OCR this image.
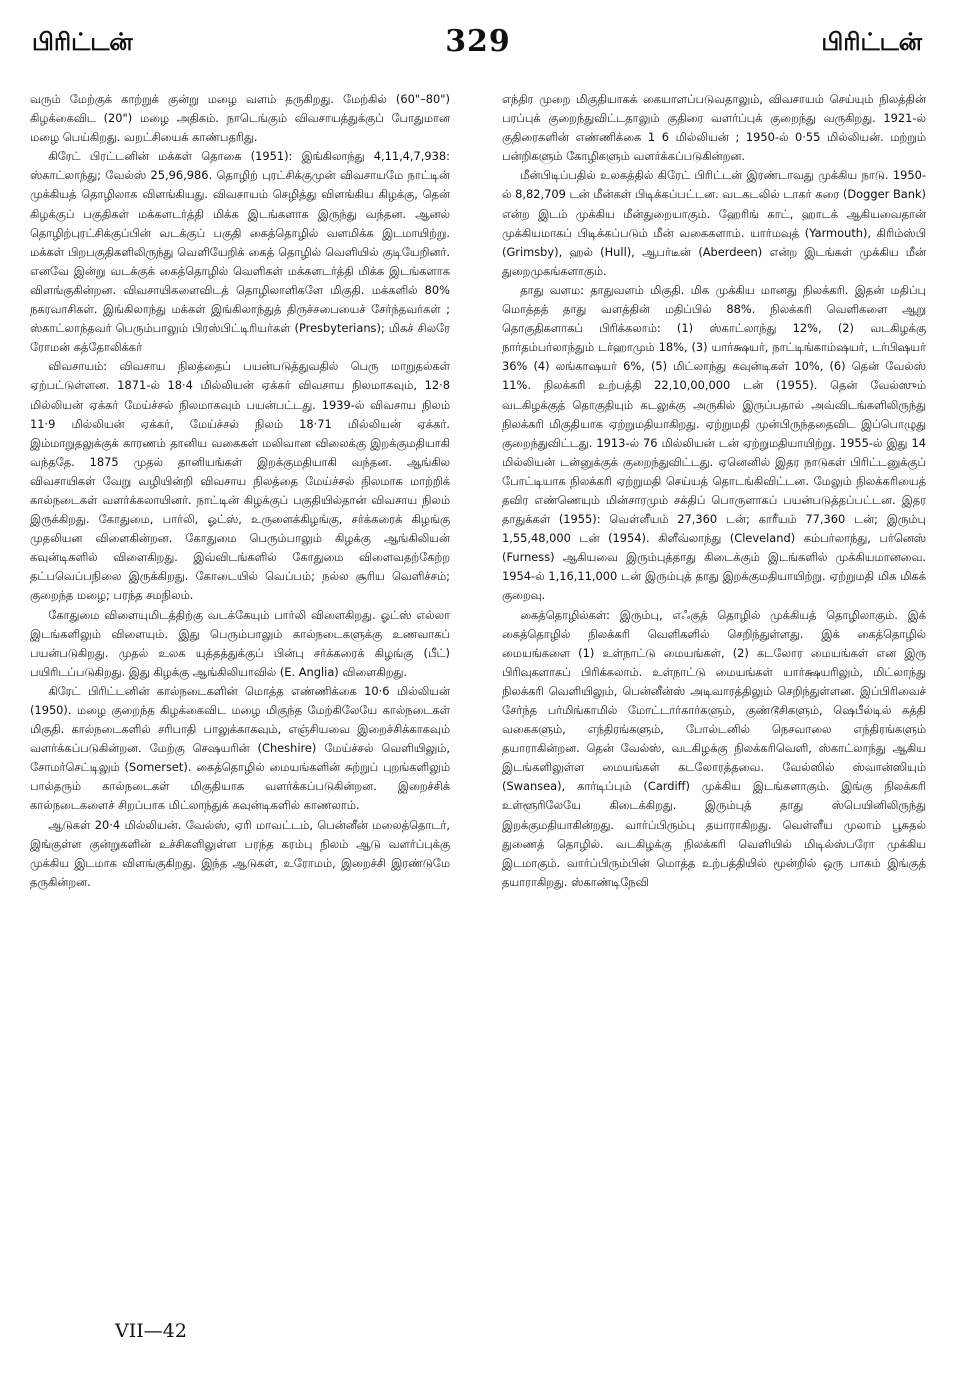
பிரிட்டன்	329	பிரிட்டன்

வரும் மேற்குக் காற்றுக் குன்று மழை வளம் தருகிறது. மேற்கில் (60"–80") கிழக்கைவிட (20") மழை அதிகம். நாடெங்கும் விவசாயத்துக்குப் போதுமான மழை பெய்கிறது. வறட்சியைக் காண்பதரிது.

கிரேட் பிரட்டனின் மக்கள் தொகை (1951): இங்கிலாந்து 4,11,4,7,938: ஸ்காட்லாந்து; வேல்ஸ் 25,96,986. தொழிற் புரட்சிக்குமுன் விவசாயமே நாட்டின் முக்கியத் தொழிலாக விளங்கியது. விவசாயம் செழித்து விளங்கிய கிழக்கு, தென் கிழக்குப் பகுதிகள் மக்களடர்த்தி மிக்க இடங்களாக இருந்து வந்தன. ஆனல் தொழிற்புரட்சிக்குப்பின் வடக்குப் பகுதி கைத்தொழில் வளமிக்க இடமாயிற்று. மக்கள் பிறபகுதிகளிலிருந்து வெளியேறிக் கைத் தொழில் வெளியில் குடியேறினர். எனவே இன்று வடக்குக் கைத்தொழில் வெளிகள் மக்களடர்த்தி மிக்க இடங்களாக விளங்குகின்றன. விவசாயிகளைவிடத் தொழிலாளிகளே மிகுதி. மக்களில் 80% நகரவாசிகள். இங்கிலாந்து மக்கள் இங்கிலாந்துத் திருச்சபையைச் சேர்ந்தவர்கள் ; ஸ்காட்லாந்தவர் பெரும்பாலும் பிரஸ்பிட்டிரியர்கள் (Presbyterians); மிகச் சிலரே ரோமன் கத்தோலிக்கர்

விவசாயம்: விவசாய நிலத்தைப் பயன்படுத்துவதில் பெரு மாறுதல்கள் ஏற்பட்டுள்ளன. 1871-ல் 18·4 மில்லியன் ஏக்கர் விவசாய நிலமாகவும், 12·8 மில்லியன் ஏக்கர் மேய்ச்சல் நிலமாகவும் பயன்பட்டது. 1939-ல் விவசாய நிலம் 11·9 மில்லியன் ஏக்கர், மேய்ச்சல் நிலம் 18·71 மில்லியன் ஏக்கர். இம்மாறுதலுக்குக் காரணம் தானிய வகைகள் மலிவான விலைக்கு இறக்குமதியாகி வந்ததே. 1875 முதல் தானியங்கள் இறக்குமதியாகி வந்தன. ஆங்கில விவசாயிகள் வேறு வழியின்றி விவசாய நிலத்தை மேய்ச்சல் நிலமாக மாற்றிக் கால்நடைகள் வளர்க்கலாயினர். நாட்டின் கிழக்குப் பகுதியில்தான் விவசாய நிலம் இருக்கிறது. கோதுமை, பார்லி, ஓட்ஸ், உருளைக்கிழங்கு, சர்க்கரைக் கிழங்கு முதலியன விளைகின்றன. கோதுமை பெரும்பாலும் கிழக்கு ஆங்கிலியன் கவுன்டிகளில் விளைகிறது. இவ்விடங்களில் கோதுமை விளைவதற்கேற்ற தட்பவெப்பநிலை இருக்கிறது. கோடையில் வெப்பம்; நல்ல சூரிய வெளிச்சம்; குறைந்த மழை; பரந்த சமநிலம்.

கோதுமை விளையுமிடத்திற்கு வடக்கேயும் பார்லி விளைகிறது. ஓட்ஸ் எல்லா இடங்களிலும் விளையும். இது பெரும்பாலும் கால்நடைகளுக்கு உணவாகப் பயன்படுகிறது. முதல் உலக யுத்தத்துக்குப் பின்பு சர்க்கரைக் கிழங்கு (பீட்) பயிரிடப்படுகிறது. இது கிழக்கு ஆங்கிலியாவில் (E. Anglia) விளைகிறது.

கிரேட் பிரிட்டனின் கால்நடைகளின் மொத்த எண்ணிக்கை 10·6 மில்லியன் (1950). மழை குறைந்த கிழக்கைவிட மழை மிகுந்த மேற்கிலேயே கால்நடைகள் மிகுதி. கால்நடைகளில் சரிபாதி பாலுக்காகவும், எஞ்சியவை இறைச்சிக்காகவும் வளர்க்கப்படுகின்றன. மேற்கு செஷயரின் (Cheshire) மேய்ச்சல் வெளியிலும், சோமர்செட்டிலும் (Somerset). கைத்தொழில் மையங்களின் சுற்றுப் புறங்களிலும் பால்தரும் கால்நடைகள் மிகுதியாக வளர்க்கப்படுகின்றன. இறைச்சிக் கால்நடைகளைச் சிறப்பாக மிட்லாந்துக் கவுன்டிகளில் காணலாம்.

ஆடுகள் 20·4 மில்லியன். வேல்ஸ், ஏரி மாவட்டம், பென்னீன் மலைத்தொடர், இங்குள்ள குன்றுகளின் உச்சிகளிலுள்ள பரந்த கரம்பு நிலம் ஆடு வளர்ப்புக்கு முக்கிய இடமாக விளங்குகிறது. இந்த ஆடுகள், உரோமம், இறைச்சி இரண்டுமே தருகின்றன.

எந்திர முறை மிகுதியாகக் கையாளப்படுவதாலும், விவசாயம் செய்யும் நிலத்தின் பரப்புக் குறைந்துவிட்டதாலும் குதிரை வளர்ப்புக் குறைந்து வருகிறது. 1921-ல் குதிரைகளின் எண்ணிக்கை 1 6 மில்லியன் ; 1950-ல் 0·55 மில்லியன். மற்றும் பன்றிகளும் கோழிகளும் வளர்க்கப்படுகின்றன.

மீன்பிடிப்பதில் உலகத்தில் கிரேட் பிரிட்டன் இரண்டாவது முக்கிய நாடு. 1950-ல் 8,82,709 டன் மீன்கள் பிடிக்கப்பட்டன. வடகடலில் டாகர் கரை (Dogger Bank) என்ற இடம் முக்கிய மீன்துறையாகும். ஹேரிங் காட், ஹாடக் ஆகியவைதான் முக்கியமாகப் பிடிக்கப்படும் மீன் வகைகளாம். யார்மவுத் (Yarmouth), கிரிம்ஸ்பி (Grimsby), ஹல் (Hull), ஆபர்டீன் (Aberdeen) என்ற இடங்கள் முக்கிய மீன் துறைமுகங்களாகும்.

தாது வளம: தாதுவளம் மிகுதி. மிக முக்கிய மானது நிலக்கரி. இதன் மதிப்பு மொத்தத் தாது வளத்தின் மதிப்பில் 88%. நிலக்கரி வெளிகளை ஆறு தொகுதிகளாகப் பிரிக்கலாம்: (1) ஸ்காட்லாந்து 12%, (2) வடகிழக்கு நார்தம்பர்லாந்தும் டர்ஹாமும் 18%, (3) யார்க்ஷயர், நாட்டிங்காம்ஷயர், டர்பிஷயர் 36% (4) லங்காஷயர் 6%, (5) மிட்லாந்து கவுன்டிகள் 10%, (6) தென் வேல்ஸ் 11%. நிலக்கரி உற்பத்தி 22,10,00,000 டன் (1955). தென் வேல்ஸும் வடகிழக்குத் தொகுதியும் கடலுக்கு அருகில் இருப்பதால் அவ்விடங்களிலிருந்து நிலக்கரி மிகுதியாக ஏற்றுமதியாகிறது. ஏற்றுமதி முன்பிருந்ததைவிட இப்பொழுது குறைந்துவிட்டது. 1913-ல் 76 மில்லியன் டன் ஏற்றுமதியாயிற்று. 1955-ல் இது 14 மில்லியன் டன்னுக்குக் குறைந்துவிட்டது. ஏனெனில் இதர நாடுகள் பிரிட்டனுக்குப் போட்டியாக நிலக்கரி ஏற்றுமதி செய்யத் தொடங்கிவிட்டன. மேலும் நிலக்கரியைத் தவிர எண்ணெயும் மின்சாரமும் சக்திப் பொருளாகப் பயன்படுத்தப்பட்டன. இதர தாதுக்கள் (1955): வெள்ளீயம் 27,360 டன்; காரீயம் 77,360 டன்; இரும்பு 1,55,48,000 டன் (1954). கிளீவ்லாந்து (Cleveland) கம்பர்லாந்து, பர்னெஸ் (Furness) ஆகியவை இரும்புத்தாது கிடைக்கும் இடங்களில் முக்கியமானவை. 1954-ல் 1,16,11,000 டன் இரும்புத் தாது இறக்குமதியாயிற்று. ஏற்றுமதி மிக மிகக் குறைவு.

கைத்தொழில்கள்: இரும்பு, எஃகுத் தொழில் முக்கியத் தொழிலாகும். இக் கைத்தொழில் நிலக்கரி வெளிகளில் செறிந்துள்ளது. இக் கைத்தொழில் மையங்களை (1) உள்நாட்டு மையங்கள், (2) கடலோர மையங்கள் என இரு பிரிவுகளாகப் பிரிக்கலாம். உள்நாட்டு மையங்கள் யார்க்ஷயரிலும், மிட்லாந்து நிலக்கரி வெளியிலும், பென்னீன்ஸ் அடிவாரத்திலும் செறிந்துள்ளன. இப்பிரிவைச் சேர்ந்த பர்மிங்காமில் மோட்டார்கார்களும், குண்டூசிகளும், ஷெபீல்டில் கத்தி வகைகளும், எந்திரங்களும், போல்டனில் நெசவாலை எந்திரங்களும் தயாராகின்றன. தென் வேல்ஸ், வடகிழக்கு நிலக்கரிவெளி, ஸ்காட்லாந்து ஆகிய இடங்களிலுள்ள மையங்கள் கடலோரத்தவை. வேல்ஸில் ஸ்வான்ஸியும் (Swansea), கார்டிப்பும் (Cardiff) முக்கிய இடங்களாகும். இங்கு நிலக்கரி உள்ளூரிலேயே கிடைக்கிறது. இரும்புத் தாது ஸ்பெயினிலிருந்து இறக்குமதியாகின்றது. வார்ப்பிரும்பு தயாராகிறது. வெள்ளீய முலாம் பூசுதல் துணைத் தொழில். வடகிழக்கு நிலக்கரி வெளியில் மிடில்ஸ்பரோ முக்கிய இடமாகும். வார்ப்பிரும்பின் மொத்த உற்பத்தியில் மூன்றில் ஒரு பாகம் இங்குத் தயாராகிறது. ஸ்காண்டிநேவி

VII—42
